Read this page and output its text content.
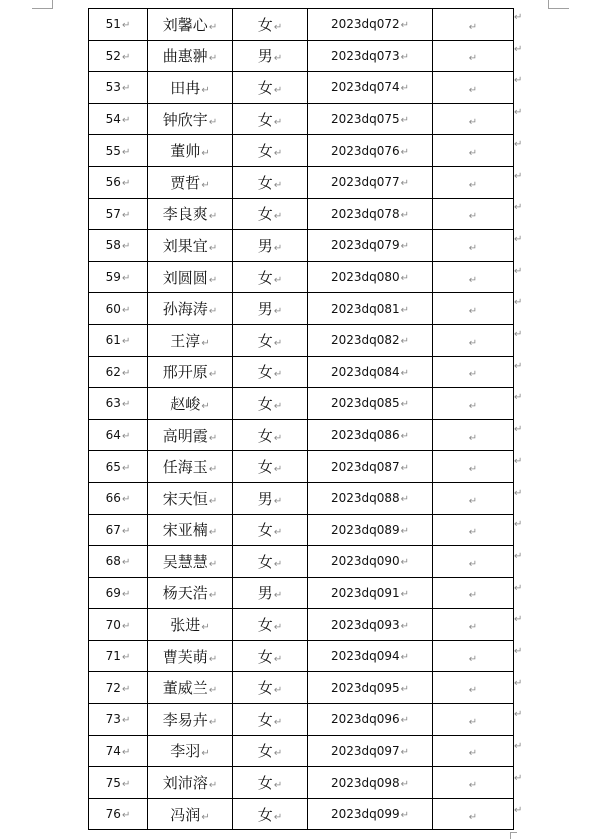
51↵	刘馨心↵	女↵	2023dq072↵	↵
52↵	曲惠翀↵	男↵	2023dq073↵	↵
53↵	田冉↵	女↵	2023dq074↵	↵
54↵	钟欣宇↵	女↵	2023dq075↵	↵
55↵	董帅↵	女↵	2023dq076↵	↵
56↵	贾哲↵	女↵	2023dq077↵	↵
57↵	李良爽↵	女↵	2023dq078↵	↵
58↵	刘果宜↵	男↵	2023dq079↵	↵
59↵	刘圆圆↵	女↵	2023dq080↵	↵
60↵	孙海涛↵	男↵	2023dq081↵	↵
61↵	王淳↵	女↵	2023dq082↵	↵
62↵	邢开原↵	女↵	2023dq084↵	↵
63↵	赵峻↵	女↵	2023dq085↵	↵
64↵	高明霞↵	女↵	2023dq086↵	↵
65↵	任海玉↵	女↵	2023dq087↵	↵
66↵	宋天恒↵	男↵	2023dq088↵	↵
67↵	宋亚楠↵	女↵	2023dq089↵	↵
68↵	吴慧慧↵	女↵	2023dq090↵	↵
69↵	杨天浩↵	男↵	2023dq091↵	↵
70↵	张进↵	女↵	2023dq093↵	↵
71↵	曹芙萌↵	女↵	2023dq094↵	↵
72↵	董威兰↵	女↵	2023dq095↵	↵
73↵	李易卉↵	女↵	2023dq096↵	↵
74↵	李羽↵	女↵	2023dq097↵	↵
75↵	刘沛溶↵	女↵	2023dq098↵	↵
76↵	冯润↵	女↵	2023dq099↵	↵
↵
↵
↵
↵
↵
↵
↵
↵
↵
↵
↵
↵
↵
↵
↵
↵
↵
↵
↵
↵
↵
↵
↵
↵
↵
↵
